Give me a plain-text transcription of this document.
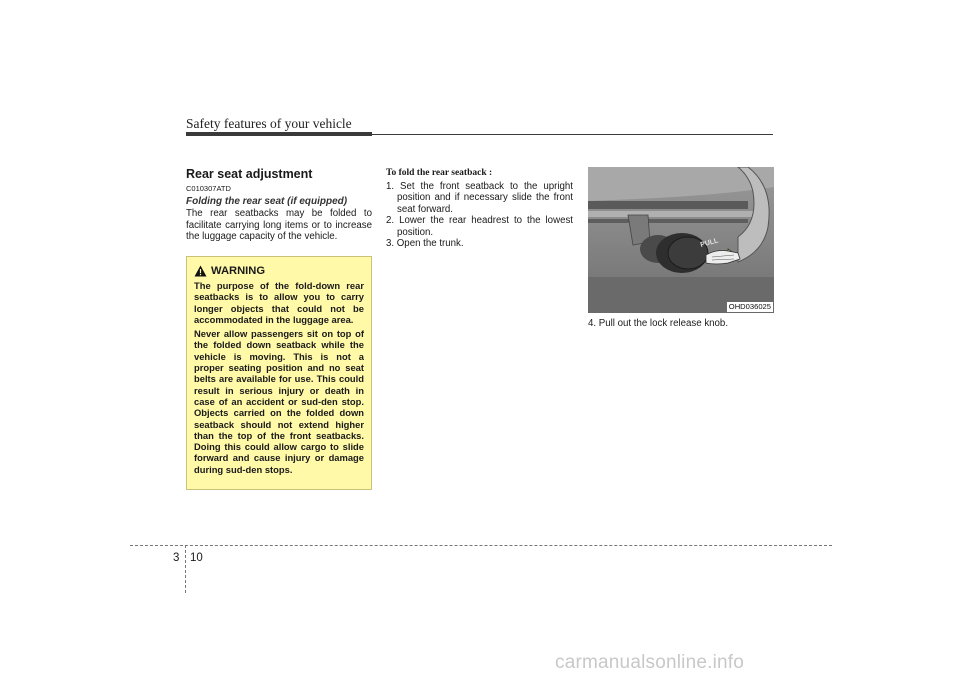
Safety features of your vehicle
Rear seat adjustment
C010307ATD
Folding the rear seat (if equipped)
The rear seatbacks may be folded to facilitate carrying long items or to increase the luggage capacity of the vehicle.
WARNING

The purpose of the fold-down rear seatbacks is to allow you to carry longer objects that could not be accommodated in the luggage area.

Never allow passengers sit on top of the folded down seatback while the vehicle is moving. This is not a proper seating position and no seat belts are available for use. This could result in serious injury or death in case of an accident or sud-den stop. Objects carried on the folded down seatback should not extend higher than the top of the front seatbacks. Doing this could allow cargo to slide forward and cause injury or damage during sud-den stops.

To fold the rear seatback :
1. Set the front seatback to the upright position and if necessary slide the front seat forward.
2. Lower the rear headrest to the lowest position.
3. Open the trunk.	PULL
OHD036025
4. Pull out the lock release knob.
3 10
carmanualsonline.info
